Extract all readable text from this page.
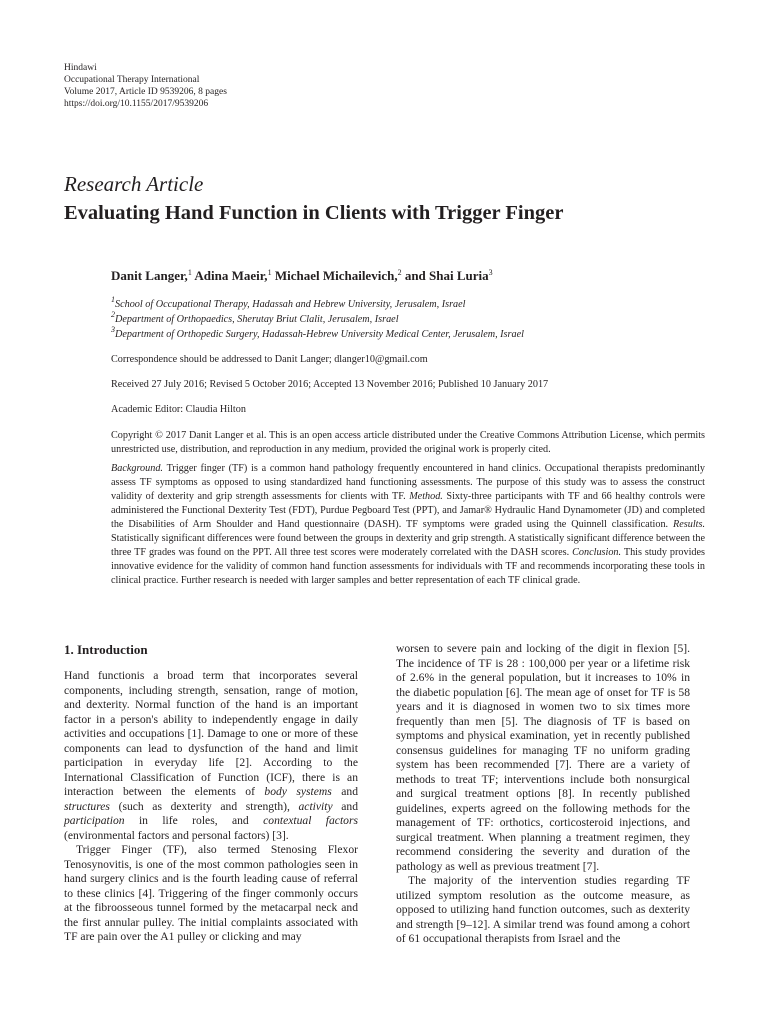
Hindawi
Occupational Therapy International
Volume 2017, Article ID 9539206, 8 pages
https://doi.org/10.1155/2017/9539206
Research Article
Evaluating Hand Function in Clients with Trigger Finger
Danit Langer,$^1$ Adina Maeir,$^1$ Michael Michailevich,$^2$ and Shai Luria$^3$
$^1$School of Occupational Therapy, Hadassah and Hebrew University, Jerusalem, Israel
$^2$Department of Orthopaedics, Sherutay Briut Clalit, Jerusalem, Israel
$^3$Department of Orthopedic Surgery, Hadassah-Hebrew University Medical Center, Jerusalem, Israel
Correspondence should be addressed to Danit Langer; dlanger10@gmail.com
Received 27 July 2016; Revised 5 October 2016; Accepted 13 November 2016; Published 10 January 2017
Academic Editor: Claudia Hilton
Copyright © 2017 Danit Langer et al. This is an open access article distributed under the Creative Commons Attribution License, which permits unrestricted use, distribution, and reproduction in any medium, provided the original work is properly cited.
Background. Trigger finger (TF) is a common hand pathology frequently encountered in hand clinics. Occupational therapists predominantly assess TF symptoms as opposed to using standardized hand functioning assessments. The purpose of this study was to assess the construct validity of dexterity and grip strength assessments for clients with TF. Method. Sixty-three participants with TF and 66 healthy controls were administered the Functional Dexterity Test (FDT), Purdue Pegboard Test (PPT), and Jamar® Hydraulic Hand Dynamometer (JD) and completed the Disabilities of Arm Shoulder and Hand questionnaire (DASH). TF symptoms were graded using the Quinnell classification. Results. Statistically significant differences were found between the groups in dexterity and grip strength. A statistically significant difference between the three TF grades was found on the PPT. All three test scores were moderately correlated with the DASH scores. Conclusion. This study provides innovative evidence for the validity of common hand function assessments for individuals with TF and recommends incorporating these tools in clinical practice. Further research is needed with larger samples and better representation of each TF clinical grade.
1. Introduction

Hand functionis a broad term that incorporates several components, including strength, sensation, range of motion, and dexterity. Normal function of the hand is an important factor in a person's ability to independently engage in daily activities and occupations [1]. Damage to one or more of these components can lead to dysfunction of the hand and limit participation in everyday life [2]. According to the International Classification of Function (ICF), there is an interaction between the elements of body systems and structures (such as dexterity and strength), activity and participation in life roles, and contextual factors (environmental factors and personal factors) [3].

Trigger Finger (TF), also termed Stenosing Flexor Tenosynovitis, is one of the most common pathologies seen in hand surgery clinics and is the fourth leading cause of referral to these clinics [4]. Triggering of the finger commonly occurs at the fibroosseous tunnel formed by the metacarpal neck and the first annular pulley. The initial complaints associated with TF are pain over the A1 pulley or clicking and may

worsen to severe pain and locking of the digit in flexion [5]. The incidence of TF is 28 : 100,000 per year or a lifetime risk of 2.6% in the general population, but it increases to 10% in the diabetic population [6]. The mean age of onset for TF is 58 years and it is diagnosed in women two to six times more frequently than men [5]. The diagnosis of TF is based on symptoms and physical examination, yet in recently published consensus guidelines for managing TF no uniform grading system has been recommended [7]. There are a variety of methods to treat TF; interventions include both nonsurgical and surgical treatment options [8]. In recently published guidelines, experts agreed on the following methods for the management of TF: orthotics, corticosteroid injections, and surgical treatment. When planning a treatment regimen, they recommend considering the severity and duration of the pathology as well as previous treatment [7].

The majority of the intervention studies regarding TF utilized symptom resolution as the outcome measure, as opposed to utilizing hand function outcomes, such as dexterity and strength [9–12]. A similar trend was found among a cohort of 61 occupational therapists from Israel and the
